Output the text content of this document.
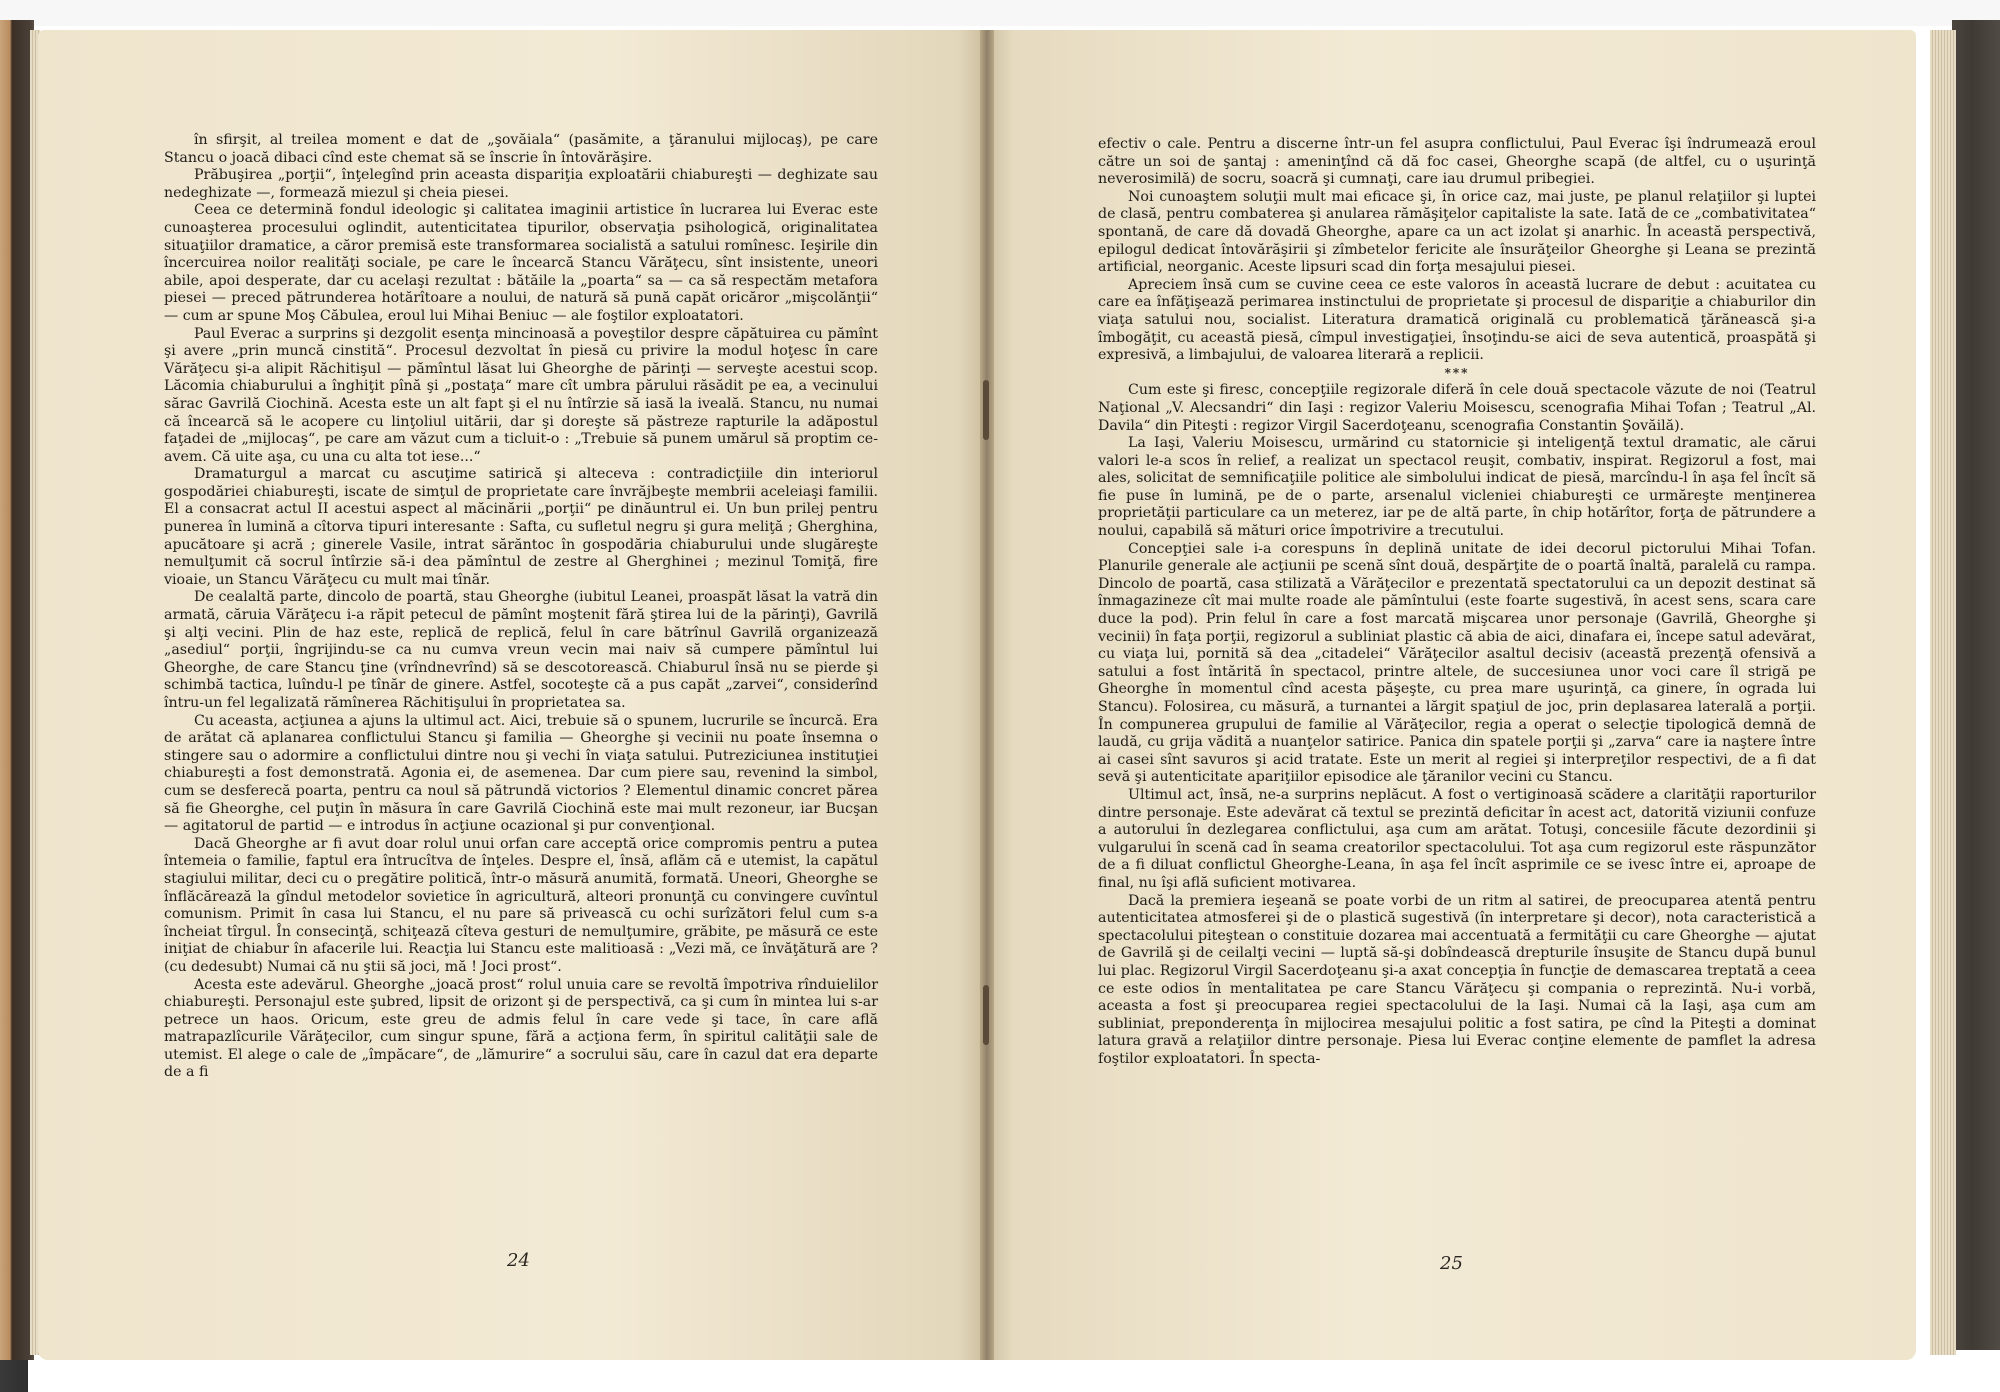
în sfirşit, al treilea moment e dat de „şovăiala“ (pasămite, a ţăranului mijlocaş), pe care Stancu o joacă dibaci cînd este chemat să se înscrie în întovărăşire.

Prăbuşirea „porţii“, înţelegînd prin aceasta dispariţia exploatării chiabureşti — deghizate sau nedeghizate —, formează miezul şi cheia piesei.

Ceea ce determină fondul ideologic şi calitatea imaginii artistice în lucrarea lui Everac este cunoaşterea procesului oglindit, autenticitatea tipurilor, observaţia psihologică, originalitatea situaţiilor dramatice, a căror premisă este transformarea socialistă a satului romînesc. Ieşirile din încercuirea noilor realităţi sociale, pe care le încearcă Stancu Vărăţecu, sînt insistente, uneori abile, apoi desperate, dar cu acelaşi rezultat : bătăile la „poarta“ sa — ca să respectăm metafora piesei — preced pătrunderea hotărîtoare a noului, de natură să pună capăt oricăror „mişcolănţii“ — cum ar spune Moş Căbulea, eroul lui Mihai Beniuc — ale foştilor exploatatori.

Paul Everac a surprins şi dezgolit esenţa mincinoasă a poveştilor despre căpătuirea cu pămînt şi avere „prin muncă cinstită“. Procesul dezvoltat în piesă cu privire la modul hoţesc în care Vărăţecu şi-a alipit Răchitişul — pămîntul lăsat lui Gheorghe de părinţi — serveşte acestui scop. Lăcomia chiaburului a înghiţit pînă şi „postaţa“ mare cît umbra părului răsădit pe ea, a vecinului sărac Gavrilă Ciochină. Acesta este un alt fapt şi el nu întîrzie să iasă la iveală. Stancu, nu numai că încearcă să le acopere cu linţoliul uitării, dar şi doreşte să păstreze rapturile la adăpostul faţadei de „mijlocaş“, pe care am văzut cum a ticluit-o : „Trebuie să punem umărul să proptim ce-avem. Că uite aşa, cu una cu alta tot iese...“

Dramaturgul a marcat cu ascuţime satirică şi alteceva : contradicţiile din interiorul gospodăriei chiabureşti, iscate de simţul de proprietate care învrăjbeşte membrii aceleiaşi familii. El a consacrat actul II acestui aspect al măcinării „porţii“ pe dinăuntrul ei. Un bun prilej pentru punerea în lumină a cîtorva tipuri interesante : Safta, cu sufletul negru şi gura meliţă ; Gherghina, apucătoare şi acră ; ginerele Vasile, intrat sărăntoc în gospodăria chiaburului unde slugăreşte nemulţumit că socrul întîrzie să-i dea pămîntul de zestre al Gherghinei ; mezinul Tomiţă, fire vioaie, un Stancu Vărăţecu cu mult mai tînăr.

De cealaltă parte, dincolo de poartă, stau Gheorghe (iubitul Leanei, proaspăt lăsat la vatră din armată, căruia Vărăţecu i-a răpit petecul de pămînt moştenit fără ştirea lui de la părinţi), Gavrilă şi alţi vecini. Plin de haz este, replică de replică, felul în care bătrînul Gavrilă organizează „asediul“ porţii, îngrijindu-se ca nu cumva vreun vecin mai naiv să cumpere pămîntul lui Gheorghe, de care Stancu ţine (vrîndnevrînd) să se descotorească. Chiaburul însă nu se pierde şi schimbă tactica, luîndu-l pe tînăr de ginere. Astfel, socoteşte că a pus capăt „zarvei“, considerînd întru-un fel legalizată rămînerea Răchitişului în proprietatea sa.

Cu aceasta, acţiunea a ajuns la ultimul act. Aici, trebuie să o spunem, lucrurile se încurcă. Era de arătat că aplanarea conflictului Stancu şi familia — Gheorghe şi vecinii nu poate însemna o stingere sau o adormire a conflictului dintre nou şi vechi în viaţa satului. Putreziciunea instituţiei chiabureşti a fost demonstrată. Agonia ei, de asemenea. Dar cum piere sau, revenind la simbol, cum se desferecă poarta, pentru ca noul să pătrundă victorios ? Elementul dinamic concret părea să fie Gheorghe, cel puţin în măsura în care Gavrilă Ciochină este mai mult rezoneur, iar Bucşan — agitatorul de partid — e introdus în acţiune ocazional şi pur convenţional.

Dacă Gheorghe ar fi avut doar rolul unui orfan care acceptă orice compromis pentru a putea întemeia o familie, faptul era întrucîtva de înţeles. Despre el, însă, aflăm că e utemist, la capătul stagiului militar, deci cu o pregătire politică, într-o măsură anumită, formată. Uneori, Gheorghe se înflăcărează la gîndul metodelor sovietice în agricultură, alteori pronunţă cu convingere cuvîntul comunism. Primit în casa lui Stancu, el nu pare să privească cu ochi surîzători felul cum s-a încheiat tîrgul. În consecinţă, schiţează cîteva gesturi de nemulţumire, grăbite, pe măsură ce este iniţiat de chiabur în afacerile lui. Reacţia lui Stancu este malitioasă : „Vezi mă, ce învăţătură are ? (cu dedesubt) Numai că nu ştii să joci, mă ! Joci prost“.

Acesta este adevărul. Gheorghe „joacă prost“ rolul unuia care se revoltă împotriva rînduielilor chiabureşti. Personajul este şubred, lipsit de orizont şi de perspectivă, ca şi cum în mintea lui s-ar petrece un haos. Oricum, este greu de admis felul în care vede şi tace, în care află matrapazlîcurile Vărăţecilor, cum singur spune, fără a acţiona ferm, în spiritul calităţii sale de utemist. El alege o cale de „împăcare“, de „lămurire“ a socrului său, care în cazul dat era departe de a fi

24

efectiv o cale. Pentru a discerne într-un fel asupra conflictului, Paul Everac îşi îndrumează eroul către un soi de şantaj : ameninţînd că dă foc casei, Gheorghe scapă (de altfel, cu o uşurinţă neverosimilă) de socru, soacră şi cumnaţi, care iau drumul pribegiei.

Noi cunoaştem soluţii mult mai eficace şi, în orice caz, mai juste, pe planul relaţiilor şi luptei de clasă, pentru combaterea şi anularea rămăşiţelor capitaliste la sate. Iată de ce „combativitatea“ spontană, de care dă dovadă Gheorghe, apare ca un act izolat şi anarhic. În această perspectivă, epilogul dedicat întovărăşirii şi zîmbetelor fericite ale însurăţeilor Gheorghe şi Leana se prezintă artificial, neorganic. Aceste lipsuri scad din forţa mesajului piesei.

Apreciem însă cum se cuvine ceea ce este valoros în această lucrare de debut : acuitatea cu care ea înfăţişează perimarea instinctului de proprietate şi procesul de dispariţie a chiaburilor din viaţa satului nou, socialist. Literatura dramatică originală cu problematică ţărănească şi-a îmbogăţit, cu această piesă, cîmpul investigaţiei, însoţindu-se aici de seva autentică, proaspătă şi expresivă, a limbajului, de valoarea literară a replicii.

***

Cum este şi firesc, concepţiile regizorale diferă în cele două spectacole văzute de noi (Teatrul Naţional „V. Alecsandri“ din Iaşi : regizor Valeriu Moisescu, scenografia Mihai Tofan ; Teatrul „Al. Davila“ din Piteşti : regizor Virgil Sacerdoţeanu, scenografia Constantin Şovăilă).

La Iaşi, Valeriu Moisescu, urmărind cu statornicie şi inteligenţă textul dramatic, ale cărui valori le-a scos în relief, a realizat un spectacol reuşit, combativ, inspirat. Regizorul a fost, mai ales, solicitat de semnificaţiile politice ale simbolului indicat de piesă, marcîndu-l în aşa fel încît să fie puse în lumină, pe de o parte, arsenalul vicleniei chiabureşti ce urmăreşte menţinerea proprietăţii particulare ca un meterez, iar pe de altă parte, în chip hotărîtor, forţa de pătrundere a noului, capabilă să mături orice împotrivire a trecutului.

Concepţiei sale i-a corespuns în deplină unitate de idei decorul pictorului Mihai Tofan. Planurile generale ale acţiunii pe scenă sînt două, despărţite de o poartă înaltă, paralelă cu rampa. Dincolo de poartă, casa stilizată a Vărăţecilor e prezentată spectatorului ca un depozit destinat să înmagazineze cît mai multe roade ale pămîntului (este foarte sugestivă, în acest sens, scara care duce la pod). Prin felul în care a fost marcată mişcarea unor personaje (Gavrilă, Gheorghe şi vecinii) în faţa porţii, regizorul a subliniat plastic că abia de aici, dinafara ei, începe satul adevărat, cu viaţa lui, pornită să dea „citadelei“ Vărăţecilor asaltul decisiv (această prezenţă ofensivă a satului a fost întărită în spectacol, printre altele, de succesiunea unor voci care îl strigă pe Gheorghe în momentul cînd acesta păşeşte, cu prea mare uşurinţă, ca ginere, în ograda lui Stancu). Folosirea, cu măsură, a turnantei a lărgit spaţiul de joc, prin deplasarea laterală a porţii. În compunerea grupului de familie al Vărăţecilor, regia a operat o selecţie tipologică demnă de laudă, cu grija vădită a nuanţelor satirice. Panica din spatele porţii şi „zarva“ care ia naştere între ai casei sînt savuros şi acid tratate. Este un merit al regiei şi interpreţilor respectivi, de a fi dat sevă şi autenticitate apariţiilor episodice ale ţăranilor vecini cu Stancu.

Ultimul act, însă, ne-a surprins neplăcut. A fost o vertiginoasă scădere a clarităţii raporturilor dintre personaje. Este adevărat că textul se prezintă deficitar în acest act, datorită viziunii confuze a autorului în dezlegarea conflictului, aşa cum am arătat. Totuşi, concesiile făcute dezordinii şi vulgarului în scenă cad în seama creatorilor spectacolului. Tot aşa cum regizorul este răspunzător de a fi diluat conflictul Gheorghe-Leana, în aşa fel încît asprimile ce se ivesc între ei, aproape de final, nu îşi află suficient motivarea.

Dacă la premiera ieşeană se poate vorbi de un ritm al satirei, de preocuparea atentă pentru autenticitatea atmosferei şi de o plastică sugestivă (în interpretare şi decor), nota caracteristică a spectacolului piteştean o constituie dozarea mai accentuată a fermităţii cu care Gheorghe — ajutat de Gavrilă şi de ceilalţi vecini — luptă să-şi dobîndească drepturile însuşite de Stancu după bunul lui plac. Regizorul Virgil Sacerdoţeanu şi-a axat concepţia în funcţie de demascarea treptată a ceea ce este odios în mentalitatea pe care Stancu Vărăţecu şi compania o reprezintă. Nu-i vorbă, aceasta a fost şi preocuparea regiei spectacolului de la Iaşi. Numai că la Iaşi, aşa cum am subliniat, preponderenţa în mijlocirea mesajului politic a fost satira, pe cînd la Piteşti a dominat latura gravă a relaţiilor dintre personaje. Piesa lui Everac conţine elemente de pamflet la adresa foştilor exploatatori. În specta-

25
